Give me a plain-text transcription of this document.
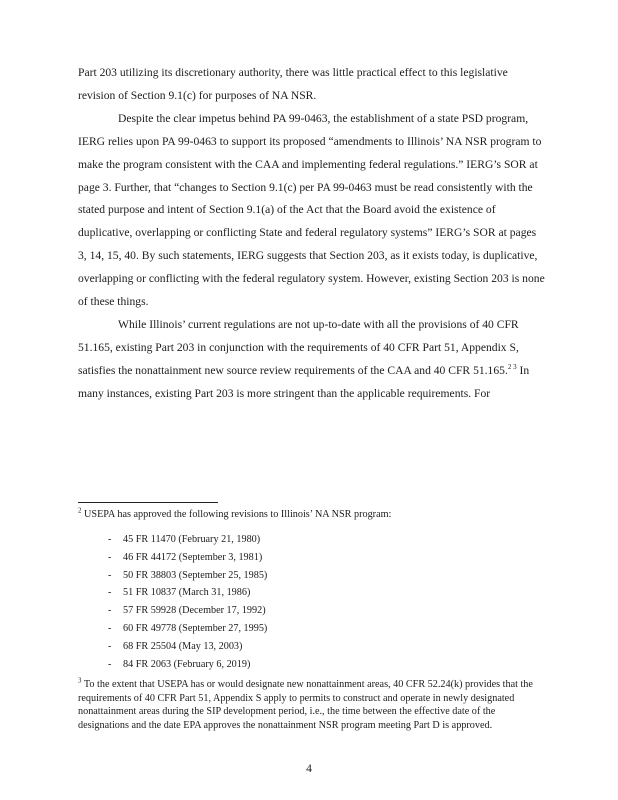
Part 203 utilizing its discretionary authority, there was little practical effect to this legislative revision of Section 9.1(c) for purposes of NA NSR.

Despite the clear impetus behind PA 99-0463, the establishment of a state PSD program, IERG relies upon PA 99-0463 to support its proposed “amendments to Illinois’ NA NSR program to make the program consistent with the CAA and implementing federal regulations.” IERG’s SOR at page 3. Further, that “changes to Section 9.1(c) per PA 99-0463 must be read consistently with the stated purpose and intent of Section 9.1(a) of the Act that the Board avoid the existence of duplicative, overlapping or conflicting State and federal regulatory systems” IERG’s SOR at pages 3, 14, 15, 40. By such statements, IERG suggests that Section 203, as it exists today, is duplicative, overlapping or conflicting with the federal regulatory system. However, existing Section 203 is none of these things.

While Illinois’ current regulations are not up-to-date with all the provisions of 40 CFR 51.165, existing Part 203 in conjunction with the requirements of 40 CFR Part 51, Appendix S, satisfies the nonattainment new source review requirements of the CAA and 40 CFR 51.165.$^{2 3}$ In many instances, existing Part 203 is more stringent than the applicable requirements. For

$^2$ USEPA has approved the following revisions to Illinois’ NA NSR program:

- 45 FR 11470 (February 21, 1980)
- 46 FR 44172 (September 3, 1981)
- 50 FR 38803 (September 25, 1985)
- 51 FR 10837 (March 31, 1986)
- 57 FR 59928 (December 17, 1992)
- 60 FR 49778 (September 27, 1995)
- 68 FR 25504 (May 13, 2003)
- 84 FR 2063 (February 6, 2019)

$^3$ To the extent that USEPA has or would designate new nonattainment areas, 40 CFR 52.24(k) provides that the requirements of 40 CFR Part 51, Appendix S apply to permits to construct and operate in newly designated nonattainment areas during the SIP development period, i.e., the time between the effective date of the designations and the date EPA approves the nonattainment NSR program meeting Part D is approved.

4
